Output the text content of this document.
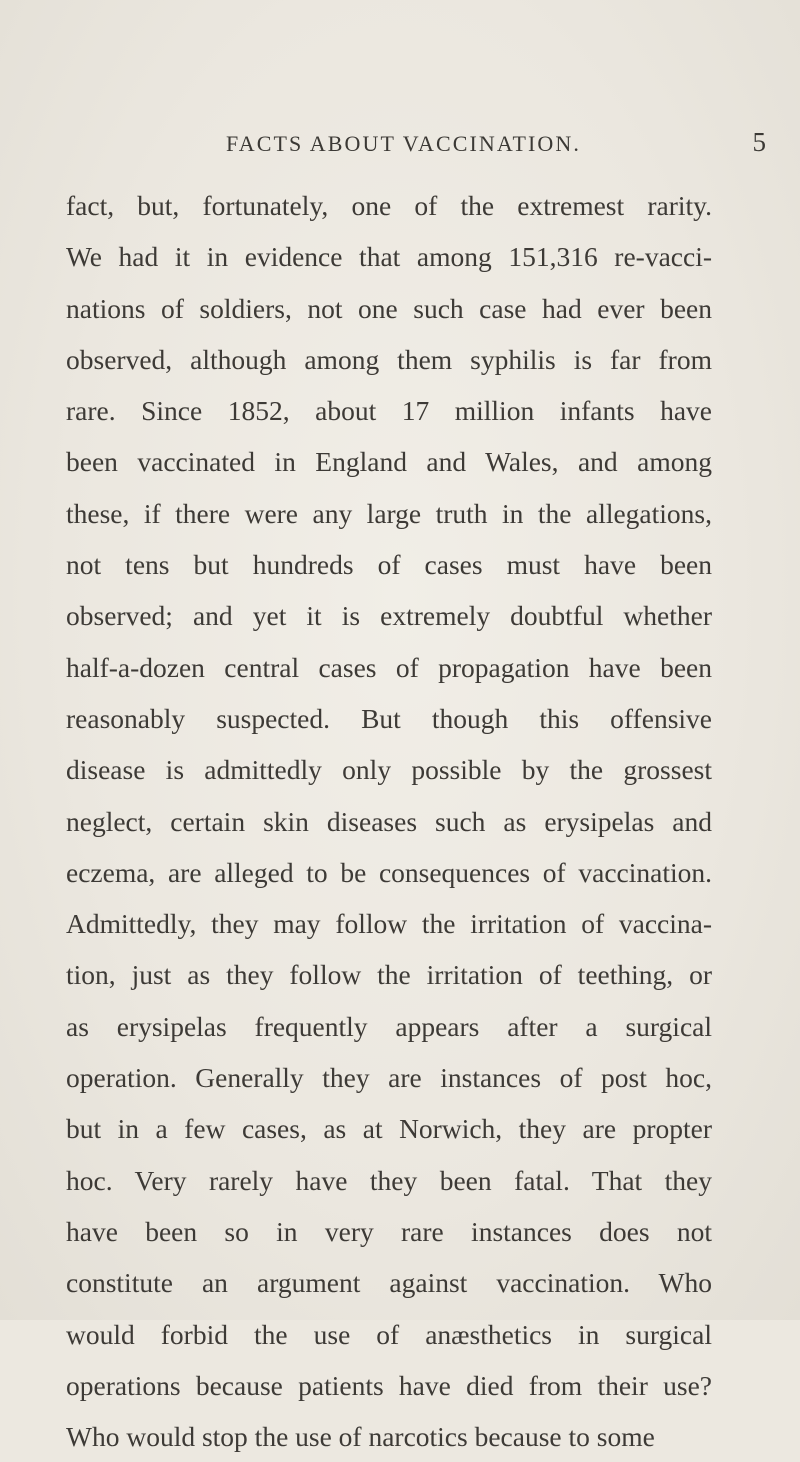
FACTS ABOUT VACCINATION.	5
fact, but, fortunately, one of the extremest rarity.
We had it in evidence that among 151,316 re-vacci-
nations of soldiers, not one such case had ever been
observed, although among them syphilis is far from
rare. Since 1852, about 17 million infants have
been vaccinated in England and Wales, and among
these, if there were any large truth in the allegations,
not tens but hundreds of cases must have been
observed; and yet it is extremely doubtful whether
half-a-dozen central cases of propagation have been
reasonably suspected. But though this offensive
disease is admittedly only possible by the grossest
neglect, certain skin diseases such as erysipelas and
eczema, are alleged to be consequences of vaccination.
Admittedly, they may follow the irritation of vaccina-
tion, just as they follow the irritation of teething, or
as erysipelas frequently appears after a surgical
operation. Generally they are instances of post hoc,
but in a few cases, as at Norwich, they are propter
hoc. Very rarely have they been fatal. That they
have been so in very rare instances does not
constitute an argument against vaccination. Who
would forbid the use of anæsthetics in surgical
operations because patients have died from their use?
Who would stop the use of narcotics because to some
